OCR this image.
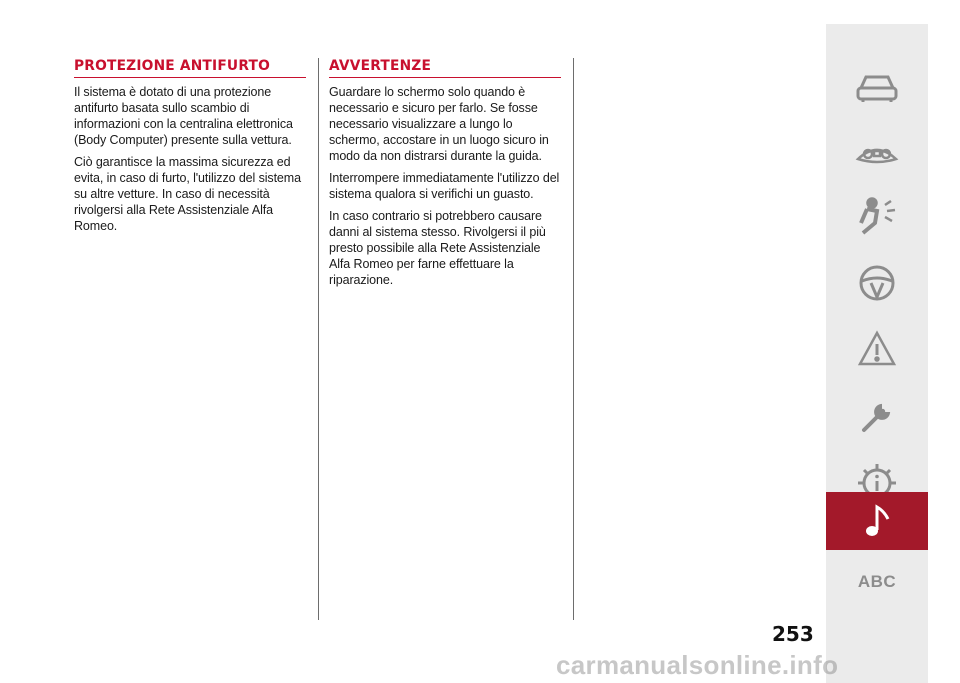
PROTEZIONE ANTIFURTO

Il sistema è dotato di una protezione antifurto basata sullo scambio di informazioni con la centralina elettronica (Body Computer) presente sulla vettura.

Ciò garantisce la massima sicurezza ed evita, in caso di furto, l'utilizzo del sistema su altre vetture. In caso di necessità rivolgersi alla Rete Assistenziale Alfa Romeo.

AVVERTENZE

Guardare lo schermo solo quando è necessario e sicuro per farlo. Se fosse necessario visualizzare a lungo lo schermo, accostare in un luogo sicuro in modo da non distrarsi durante la guida.

Interrompere immediatamente l'utilizzo del sistema qualora si verifichi un guasto.

In caso contrario si potrebbero causare danni al sistema stesso. Rivolgersi il più presto possibile alla Rete Assistenziale Alfa Romeo per farne effettuare la riparazione.

ABC
253
carmanualsonline.info
